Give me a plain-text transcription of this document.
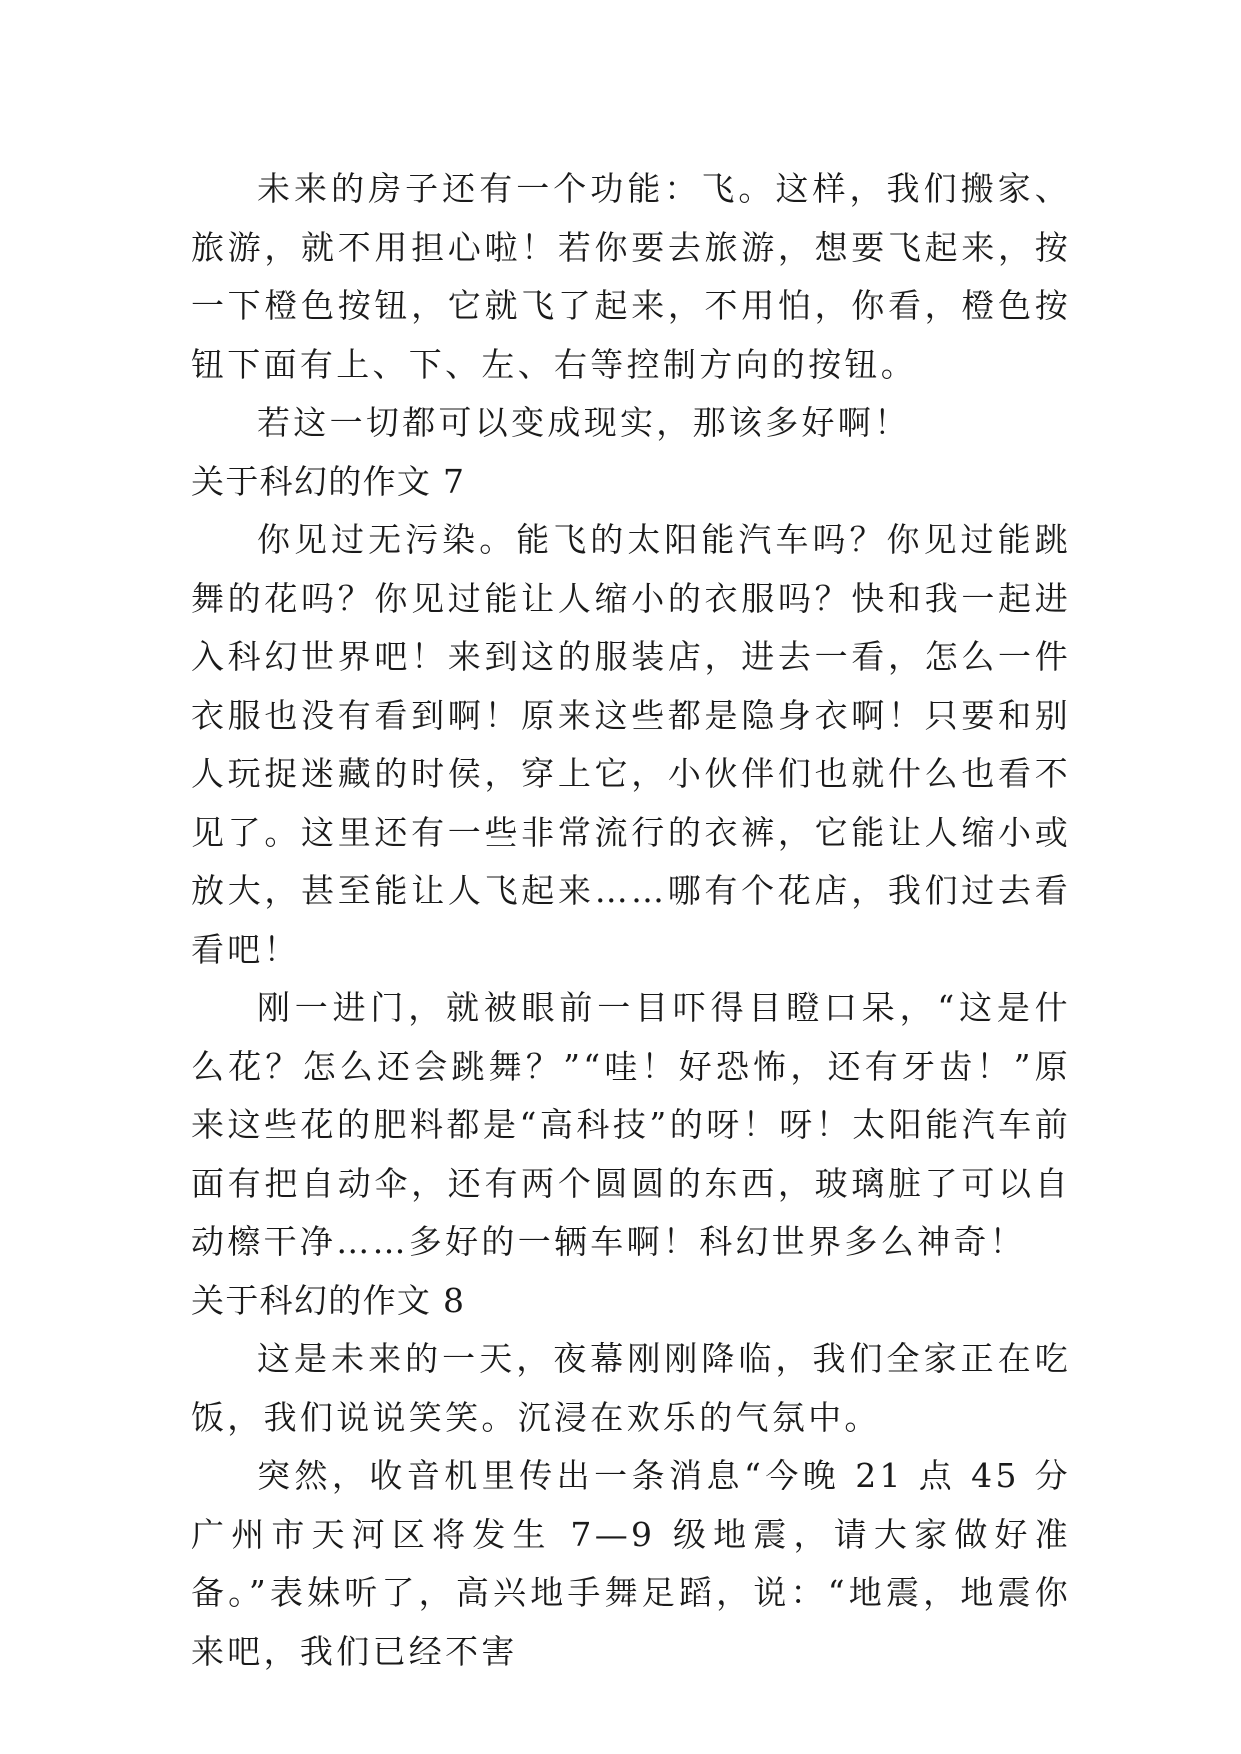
未来的房子还有一个功能：飞。这样，我们搬家、旅游，就不用担心啦！若你要去旅游，想要飞起来，按一下橙色按钮，它就飞了起来，不用怕，你看，橙色按钮下面有上、下、左、右等控制方向的按钮。

若这一切都可以变成现实，那该多好啊！

关于科幻的作文 7

你见过无污染。能飞的太阳能汽车吗？你见过能跳舞的花吗？你见过能让人缩小的衣服吗？快和我一起进入科幻世界吧！来到这的服装店，进去一看，怎么一件衣服也没有看到啊！原来这些都是隐身衣啊！只要和别人玩捉迷藏的时侯，穿上它，小伙伴们也就什么也看不见了。这里还有一些非常流行的衣裤，它能让人缩小或放大，甚至能让人飞起来……哪有个花店，我们过去看看吧！

刚一进门，就被眼前一目吓得目瞪口呆，“这是什么花？怎么还会跳舞？”“哇！好恐怖，还有牙齿！”原来这些花的肥料都是“高科技”的呀！呀！太阳能汽车前面有把自动伞，还有两个圆圆的东西，玻璃脏了可以自动檫干净……多好的一辆车啊！科幻世界多么神奇！

关于科幻的作文 8

这是未来的一天，夜幕刚刚降临，我们全家正在吃饭，我们说说笑笑。沉浸在欢乐的气氛中。

突然，收音机里传出一条消息“今晚 21 点 45 分广州市天河区将发生 7—9 级地震，请大家做好准备。”表妹听了，高兴地手舞足蹈，说：“地震，地震你来吧，我们已经不害
